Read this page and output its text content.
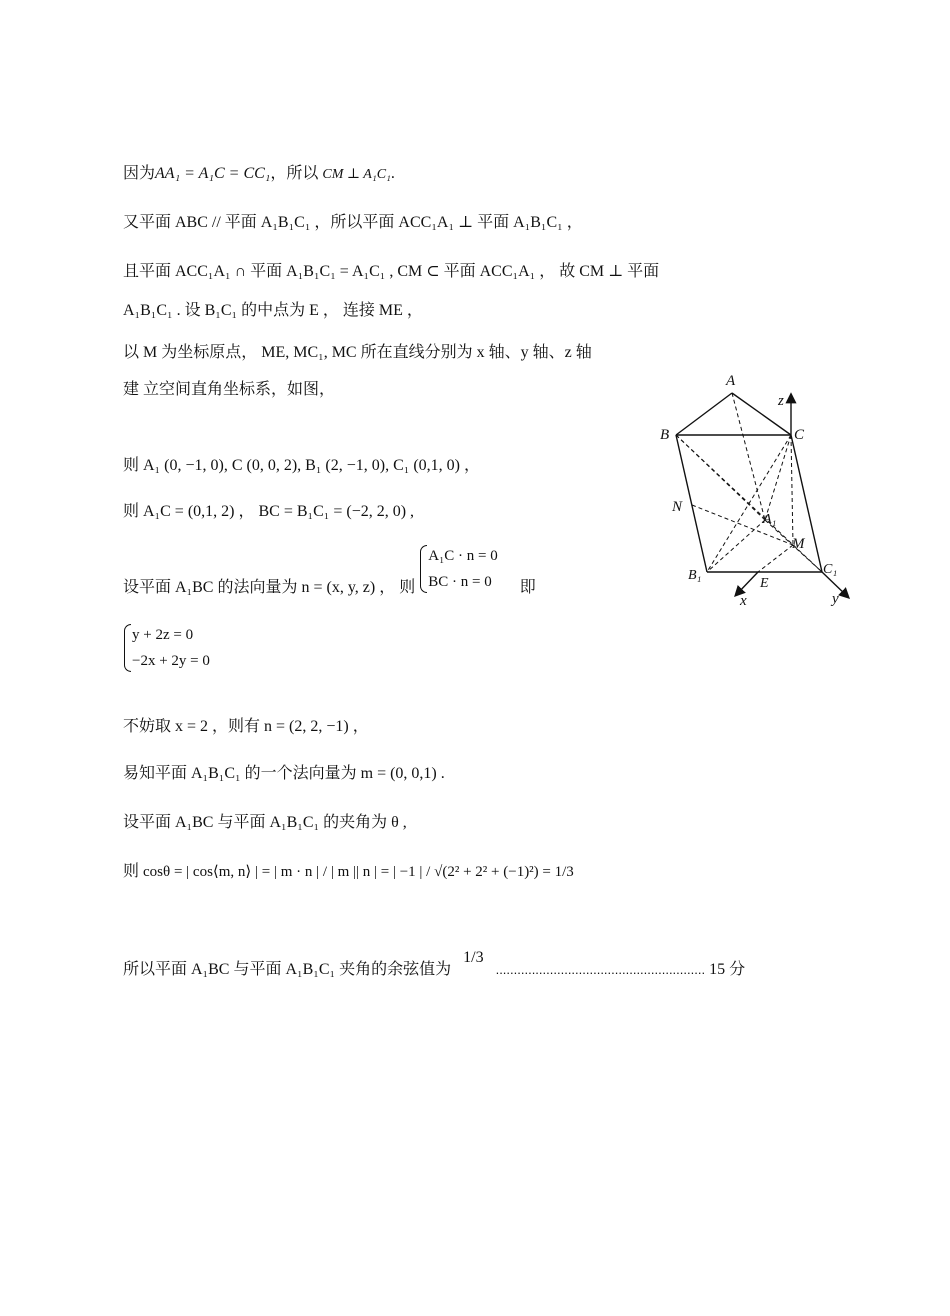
因为AA₁ = A₁C = CC₁，所以 CM ⊥ A₁C₁.
又平面 ABC // 平面 A₁B₁C₁ ，所以平面 ACC₁A₁ ⊥ 平面 A₁B₁C₁ ，
且平面 ACC₁A₁ ∩ 平面 A₁B₁C₁ = A₁C₁ , CM ⊂ 平面 ACC₁A₁ ， 故 CM ⊥ 平面
A₁B₁C₁ . 设 B₁C₁ 的中点为 E ， 连接 ME ，
以 M 为坐标原点， ME, MC₁, MC 所在直线分别为 x 轴、y 轴、z 轴
建 立空间直角坐标系，如图，
则 A₁ (0, −1, 0), C (0, 0, 2), B₁ (2, −1, 0), C₁ (0,1, 0) ，
则 A₁C = (0,1, 2) ， BC = B₁C₁ = (−2, 2, 0) ,
设平面 A₁BC 的法向量为 n = (x, y, z) ， 则
A₁C · n = 0
BC · n = 0	即
y + 2z = 0
−2x + 2y = 0
不妨取 x = 2 ，则有 n = (2, 2, −1) ，
易知平面 A₁B₁C₁ 的一个法向量为 m = (0, 0,1) .
设平面 A₁BC 与平面 A₁B₁C₁ 的夹角为 θ ,
则 cosθ = | cos⟨m, n⟩ | = | m · n | / | m || n | = | −1 | / √(2² + 2² + (−1)²) = 1/3
所以平面 A₁BC 与平面 A₁B₁C₁ 夹角的余弦值为 1/3 .......................................................... 15 分
A
B	C
N
A₁
M
B₁
E
C₁
x	y
z
